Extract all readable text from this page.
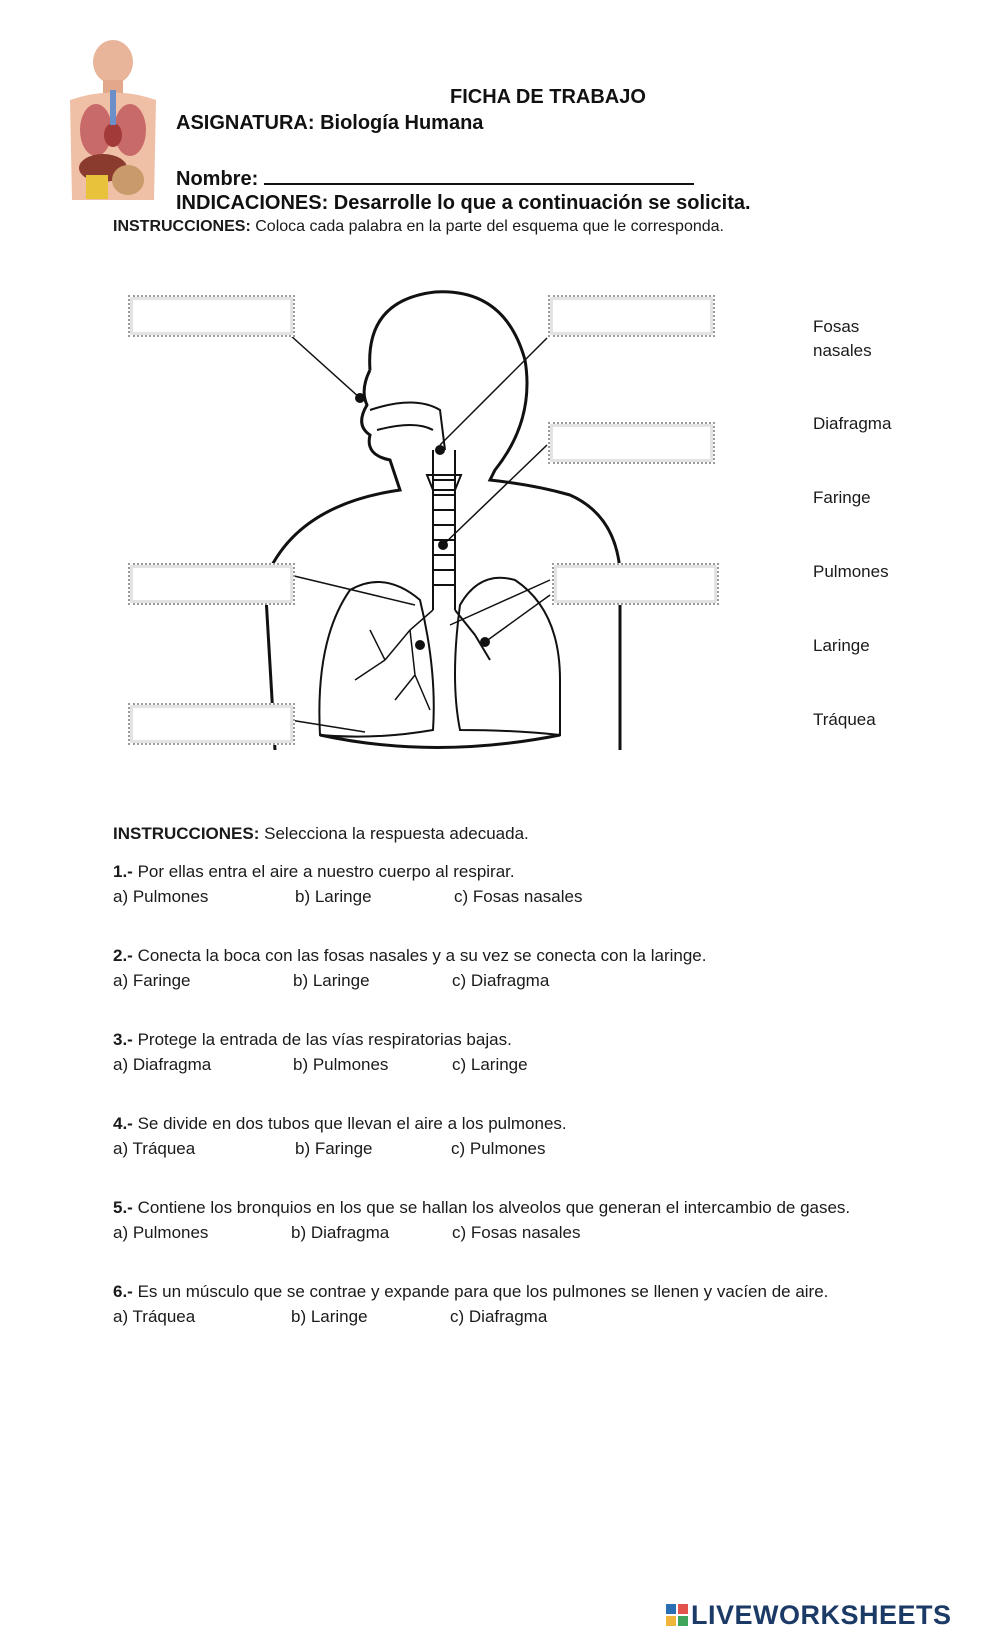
FICHA DE TRABAJO
ASIGNATURA: Biología Humana
Nombre:
INDICACIONES: Desarrolle lo que a continuación se solicita.
INSTRUCCIONES: Coloca cada palabra en la parte del esquema que le corresponda.
Fosas nasales
Diafragma
Faringe
Pulmones
Laringe
Tráquea
INSTRUCCIONES: Selecciona la respuesta adecuada.
1.- Por ellas entra el aire a nuestro cuerpo al respirar.
a) Pulmones	b) Laringe	c) Fosas nasales
2.- Conecta la boca con las fosas nasales y a su vez se conecta con la laringe.
a) Faringe	b) Laringe	c) Diafragma
3.- Protege la entrada de las vías respiratorias bajas.
a) Diafragma	b) Pulmones	c) Laringe
4.- Se divide en dos tubos que llevan el aire a los pulmones.
a) Tráquea	b) Faringe	c) Pulmones
5.- Contiene los bronquios en los que se hallan los alveolos que generan el intercambio de gases.
a) Pulmones	b) Diafragma	c) Fosas nasales
6.- Es un músculo que se contrae y expande para que los pulmones se llenen y vacíen de aire.
a) Tráquea	b) Laringe	c) Diafragma
LIVEWORKSHEETS
